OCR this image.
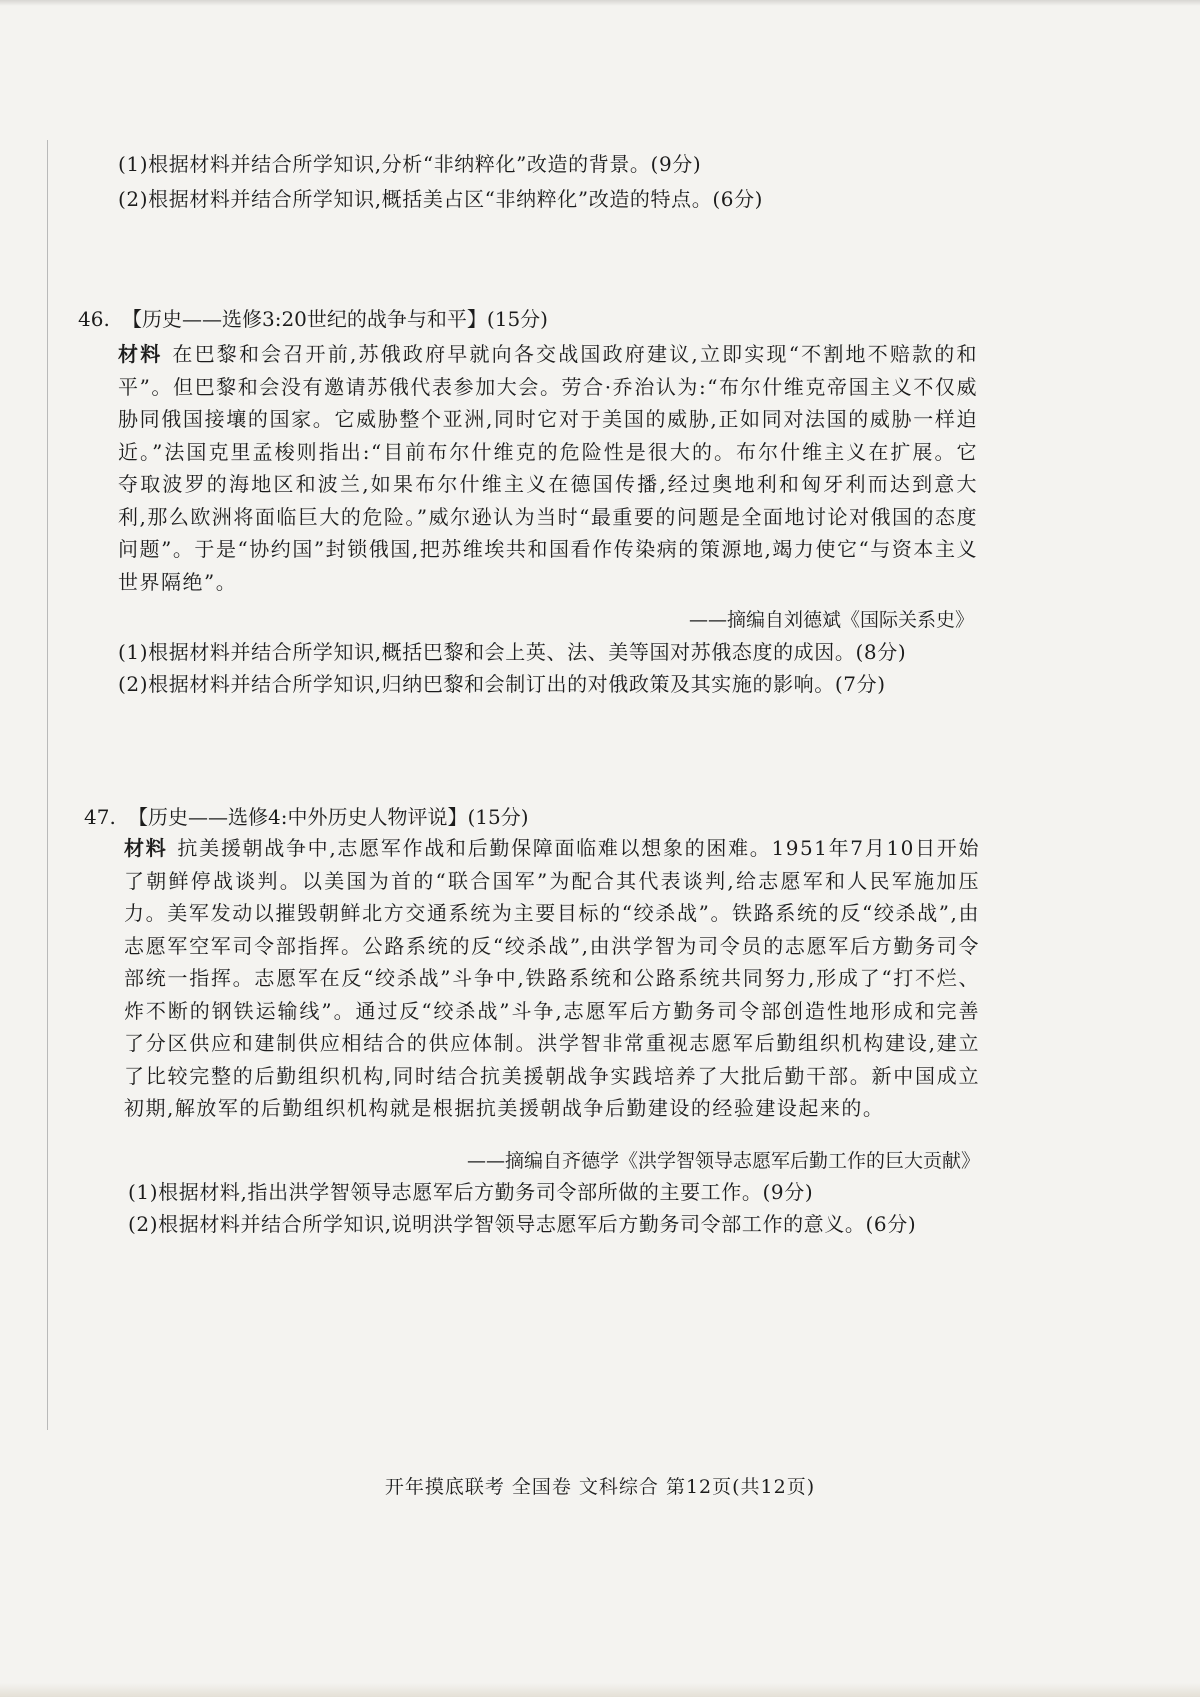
(1)根据材料并结合所学知识,分析“非纳粹化”改造的背景。(9分)
(2)根据材料并结合所学知识,概括美占区“非纳粹化”改造的特点。(6分)
46. 【历史——选修3:20世纪的战争与和平】(15分)
材料 在巴黎和会召开前,苏俄政府早就向各交战国政府建议,立即实现“不割地不赔款的和平”。但巴黎和会没有邀请苏俄代表参加大会。劳合·乔治认为:“布尔什维克帝国主义不仅威胁同俄国接壤的国家。它威胁整个亚洲,同时它对于美国的威胁,正如同对法国的威胁一样迫近。”法国克里孟梭则指出:“目前布尔什维克的危险性是很大的。布尔什维主义在扩展。它夺取波罗的海地区和波兰,如果布尔什维主义在德国传播,经过奥地利和匈牙利而达到意大利,那么欧洲将面临巨大的危险。”威尔逊认为当时“最重要的问题是全面地讨论对俄国的态度问题”。于是“协约国”封锁俄国,把苏维埃共和国看作传染病的策源地,竭力使它“与资本主义世界隔绝”。
——摘编自刘德斌《国际关系史》
(1)根据材料并结合所学知识,概括巴黎和会上英、法、美等国对苏俄态度的成因。(8分)
(2)根据材料并结合所学知识,归纳巴黎和会制订出的对俄政策及其实施的影响。(7分)
47. 【历史——选修4:中外历史人物评说】(15分)
材料 抗美援朝战争中,志愿军作战和后勤保障面临难以想象的困难。1951年7月10日开始了朝鲜停战谈判。以美国为首的“联合国军”为配合其代表谈判,给志愿军和人民军施加压力。美军发动以摧毁朝鲜北方交通系统为主要目标的“绞杀战”。铁路系统的反“绞杀战”,由志愿军空军司令部指挥。公路系统的反“绞杀战”,由洪学智为司令员的志愿军后方勤务司令部统一指挥。志愿军在反“绞杀战”斗争中,铁路系统和公路系统共同努力,形成了“打不烂、炸不断的钢铁运输线”。通过反“绞杀战”斗争,志愿军后方勤务司令部创造性地形成和完善了分区供应和建制供应相结合的供应体制。洪学智非常重视志愿军后勤组织机构建设,建立了比较完整的后勤组织机构,同时结合抗美援朝战争实践培养了大批后勤干部。新中国成立初期,解放军的后勤组织机构就是根据抗美援朝战争后勤建设的经验建设起来的。
——摘编自齐德学《洪学智领导志愿军后勤工作的巨大贡献》
(1)根据材料,指出洪学智领导志愿军后方勤务司令部所做的主要工作。(9分)
(2)根据材料并结合所学知识,说明洪学智领导志愿军后方勤务司令部工作的意义。(6分)
开年摸底联考 全国卷 文科综合 第12页(共12页)
